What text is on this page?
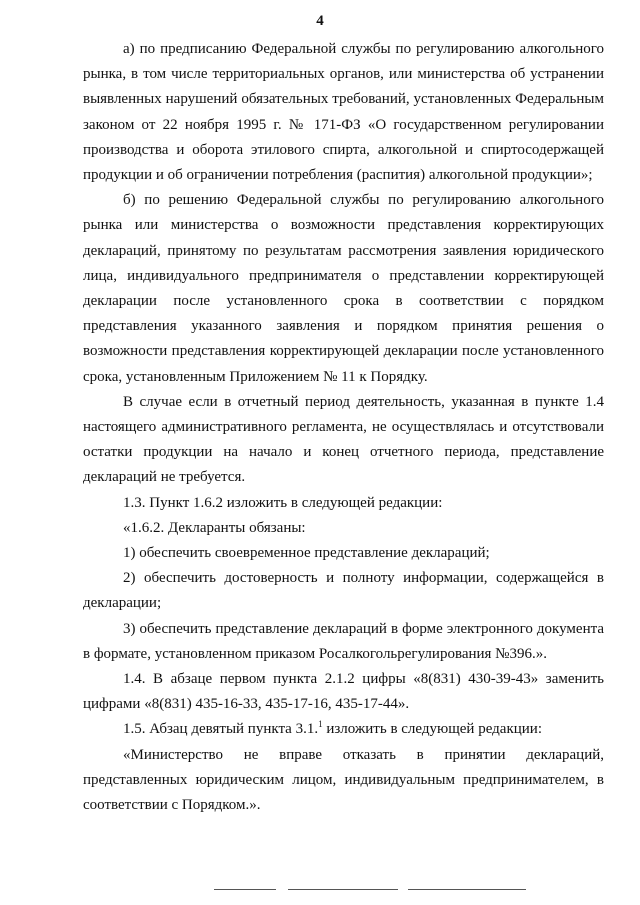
4

а) по предписанию Федеральной службы по регулированию алкогольного рынка, в том числе территориальных органов, или министерства об устранении выявленных нарушений обязательных требований, установленных Федеральным законом от 22 ноября 1995 г. № 171-ФЗ «О государственном регулировании производства и оборота этилового спирта, алкогольной и спиртосодержащей продукции и об ограничении потребления (распития) алкогольной продукции»;

б) по решению Федеральной службы по регулированию алкогольного рынка или министерства о возможности представления корректирующих деклараций, принятому по результатам рассмотрения заявления юридического лица, индивидуального предпринимателя о представлении корректирующей декларации после установленного срока в соответствии с порядком представления указанного заявления и порядком принятия решения о возможности представления корректирующей декларации после установленного срока, установленным Приложением № 11 к Порядку.

В случае если в отчетный период деятельность, указанная в пункте 1.4 настоящего административного регламента, не осуществлялась и отсутствовали остатки продукции на начало и конец отчетного периода, представление деклараций не требуется.

1.3. Пункт 1.6.2 изложить в следующей редакции:

«1.6.2. Декларанты обязаны:

1) обеспечить своевременное представление деклараций;

2) обеспечить достоверность и полноту информации, содержащейся в декларации;

3) обеспечить представление деклараций в форме электронного документа в формате, установленном приказом Росалкогольрегулирования №396.».

1.4. В абзаце первом пункта 2.1.2 цифры «8(831) 430-39-43» заменить цифрами «8(831) 435-16-33, 435-17-16, 435-17-44».

1.5. Абзац девятый пункта 3.1.$^1$ изложить в следующей редакции:

«Министерство не вправе отказать в принятии деклараций, представленных юридическим лицом, индивидуальным предпринимателем, в соответствии с Порядком.».
